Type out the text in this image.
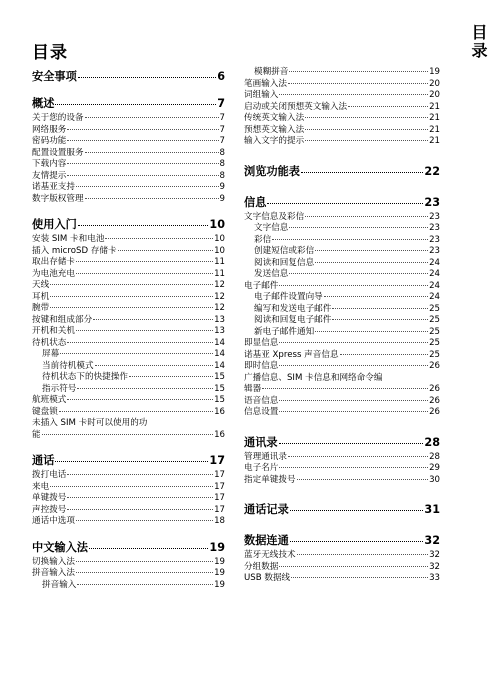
目录	目录
安全事项	6
概述	7
关于您的设备	7
网络服务	7
密码功能	7
配置设置服务	8
下载内容	8
友情提示	8
诺基亚支持	9
数字版权管理	9
使用入门	10
安装 SIM 卡和电池	10
插入 microSD 存储卡	10
取出存储卡	11
为电池充电	11
天线	12
耳机	12
腕带	12
按键和组成部分	13
开机和关机	13
待机状态	14
屏幕	14
当前待机模式	14
待机状态下的快捷操作	15
指示符号	15
航班模式	15
键盘锁	16
未插入 SIM 卡时可以使用的功
能	16
通话	17
拨打电话	17
来电	17
单键拨号	17
声控拨号	17
通话中选项	18
中文输入法	19
切换输入法	19
拼音输入法	19
拼音输入	19
模糊拼音	19
笔画输入法	20
词组输入	20
启动或关闭预想英文输入法	21
传统英文输入法	21
预想英文输入法	21
输入文字的提示	21
浏览功能表	22
信息	23
文字信息及彩信	23
文字信息	23
彩信	23
创建短信或彩信	23
阅读和回复信息	24
发送信息	24
电子邮件	24
电子邮件设置向导	24
编写和发送电子邮件	25
阅读和回复电子邮件	25
新电子邮件通知	25
即显信息	25
诺基亚 Xpress 声音信息	25
即时信息	26
广播信息、SIM 卡信息和网络命令编
辑器	26
语音信息	26
信息设置	26
通讯录	28
管理通讯录	28
电子名片	29
指定单键拨号	30
通话记录	31
数据连通	32
蓝牙无线技术	32
分组数据	32
USB 数据线	33
